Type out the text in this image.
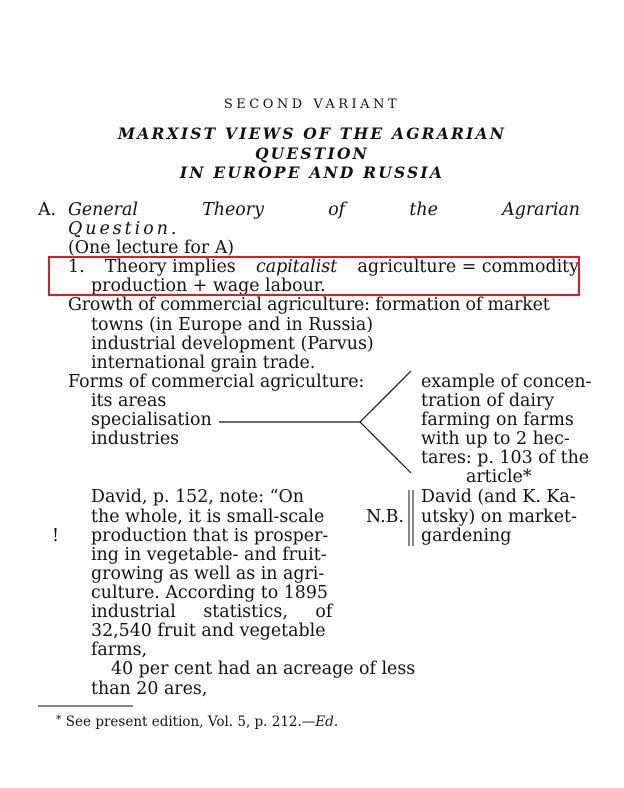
SECOND VARIANT
MARXIST VIEWS OF THE AGRARIAN
QUESTION
IN EUROPE AND RUSSIA
A. General	Theory	of	the	Agrarian
Question.
(One lecture for A)
1. Theory implies capitalist agriculture = commodity
production + wage labour.
Growth of commercial agriculture: formation of market
towns (in Europe and in Russia)
industrial development (Parvus)
international grain trade.
Forms of commercial agriculture:
its areas
specialisation
industries
example of concen-
tration of dairy
farming on farms
with up to 2 hec-
tares: p. 103 of the
article*
David, p. 152, note: “On
the whole, it is small-scale
production that is prosper-
ing in vegetable- and fruit-
growing as well as in agri-
culture. According to 1895
industrial statistics, of
32,540 fruit and vegetable
farms,
40 per cent had an acreage of less
than 20 ares,
!
N.B.
David (and K. Ka-
utsky) on market-
gardening
* See present edition, Vol. 5, p. 212.—Ed.
